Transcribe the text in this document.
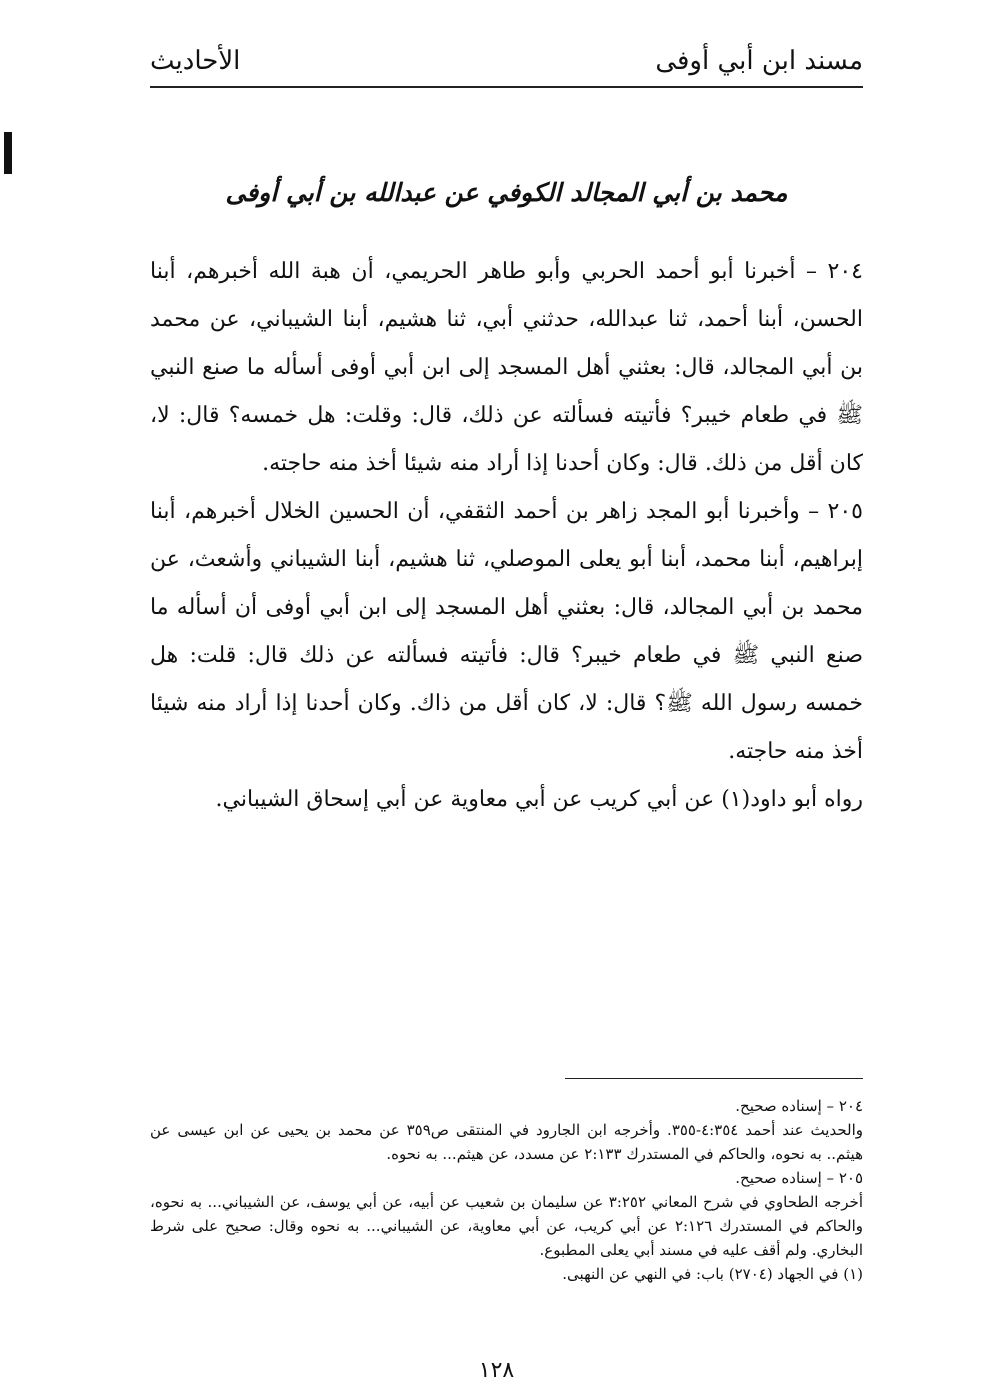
مسند ابن أبي أوفى
الأحاديث
محمد بن أبي المجالد الكوفي عن عبدالله بن أبي أوفى

٢٠٤ – أخبرنا أبو أحمد الحربي وأبو طاهر الحريمي، أن هبة الله أخبرهم، أبنا الحسن، أبنا أحمد، ثنا عبدالله، حدثني أبي، ثنا هشيم، أبنا الشيباني، عن محمد بن أبي المجالد، قال: بعثني أهل المسجد إلى ابن أبي أوفى أسأله ما صنع النبي ﷺ في طعام خيبر؟ فأتيته فسألته عن ذلك، قال: وقلت: هل خمسه؟ قال: لا، كان أقل من ذلك. قال: وكان أحدنا إذا أراد منه شيئا أخذ منه حاجته.

٢٠٥ – وأخبرنا أبو المجد زاهر بن أحمد الثقفي، أن الحسين الخلال أخبرهم، أبنا إبراهيم، أبنا محمد، أبنا أبو يعلى الموصلي، ثنا هشيم، أبنا الشيباني وأشعث، عن محمد بن أبي المجالد، قال: بعثني أهل المسجد إلى ابن أبي أوفى أن أسأله ما صنع النبي ﷺ في طعام خيبر؟ قال: فأتيته فسألته عن ذلك قال: قلت: هل خمسه رسول الله ﷺ؟ قال: لا، كان أقل من ذاك. وكان أحدنا إذا أراد منه شيئا أخذ منه حاجته.

رواه أبو داود(١) عن أبي كريب عن أبي معاوية عن أبي إسحاق الشيباني.

٢٠٤ – إسناده صحيح.

والحديث عند أحمد ٤:٣٥٤-٣٥٥. وأخرجه ابن الجارود في المنتقى ص٣٥٩ عن محمد بن يحيى عن ابن عيسى عن هيثم.. به نحوه، والحاكم في المستدرك ٢:١٣٣ عن مسدد، عن هيثم... به نحوه.

٢٠٥ – إسناده صحيح.

أخرجه الطحاوي في شرح المعاني ٣:٢٥٢ عن سليمان بن شعيب عن أبيه، عن أبي يوسف، عن الشيباني... به نحوه، والحاكم في المستدرك ٢:١٢٦ عن أبي كريب، عن أبي معاوية، عن الشيباني... به نحوه وقال: صحيح على شرط البخاري. ولم أقف عليه في مسند أبي يعلى المطبوع.

(١) في الجهاد (٢٧٠٤) باب: في النهي عن النهبى.

١٢٨
